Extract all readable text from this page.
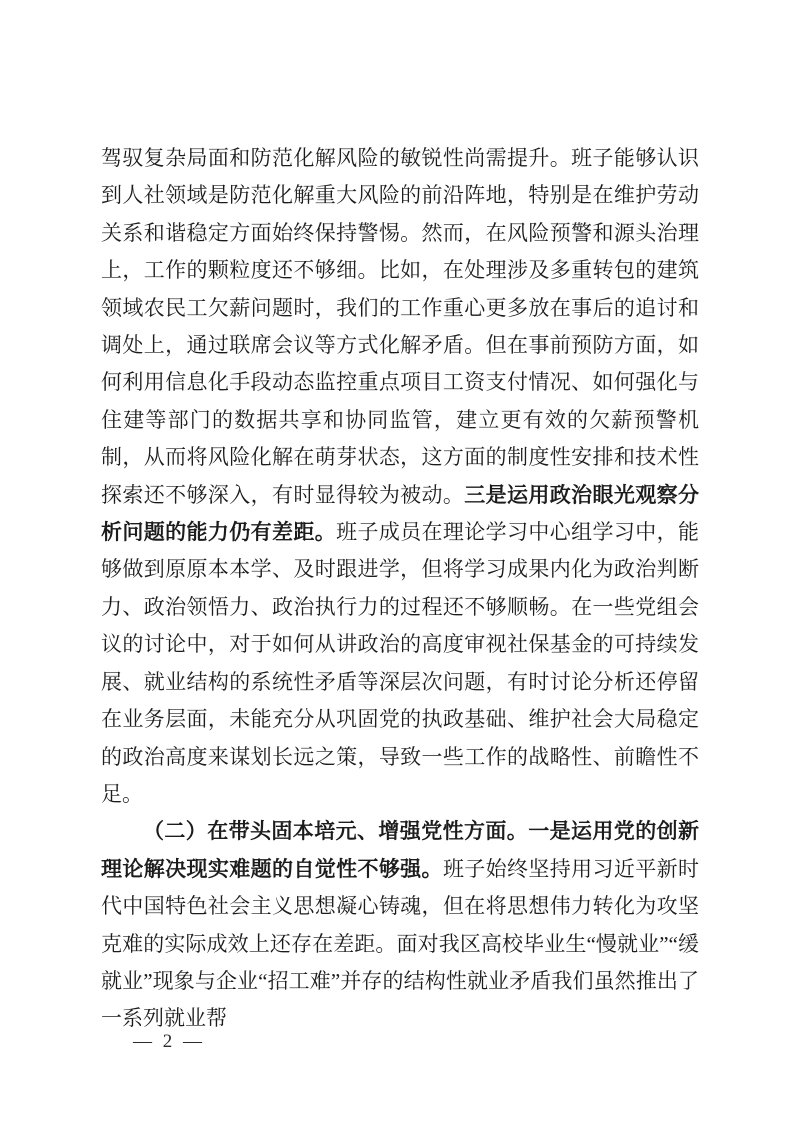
驾驭复杂局面和防范化解风险的敏锐性尚需提升。班子能够认识到人社领域是防范化解重大风险的前沿阵地，特别是在维护劳动关系和谐稳定方面始终保持警惕。然而，在风险预警和源头治理上，工作的颗粒度还不够细。比如，在处理涉及多重转包的建筑领域农民工欠薪问题时，我们的工作重心更多放在事后的追讨和调处上，通过联席会议等方式化解矛盾。但在事前预防方面，如何利用信息化手段动态监控重点项目工资支付情况、如何强化与住建等部门的数据共享和协同监管，建立更有效的欠薪预警机制，从而将风险化解在萌芽状态，这方面的制度性安排和技术性探索还不够深入，有时显得较为被动。三是运用政治眼光观察分析问题的能力仍有差距。班子成员在理论学习中心组学习中，能够做到原原本本学、及时跟进学，但将学习成果内化为政治判断力、政治领悟力、政治执行力的过程还不够顺畅。在一些党组会议的讨论中，对于如何从讲政治的高度审视社保基金的可持续发展、就业结构的系统性矛盾等深层次问题，有时讨论分析还停留在业务层面，未能充分从巩固党的执政基础、维护社会大局稳定的政治高度来谋划长远之策，导致一些工作的战略性、前瞻性不足。

（二）在带头固本培元、增强党性方面。一是运用党的创新理论解决现实难题的自觉性不够强。班子始终坚持用习近平新时代中国特色社会主义思想凝心铸魂，但在将思想伟力转化为攻坚克难的实际成效上还存在差距。面对我区高校毕业生“慢就业”“缓就业”现象与企业“招工难”并存的结构性就业矛盾我们虽然推出了一系列就业帮

— 2 —
